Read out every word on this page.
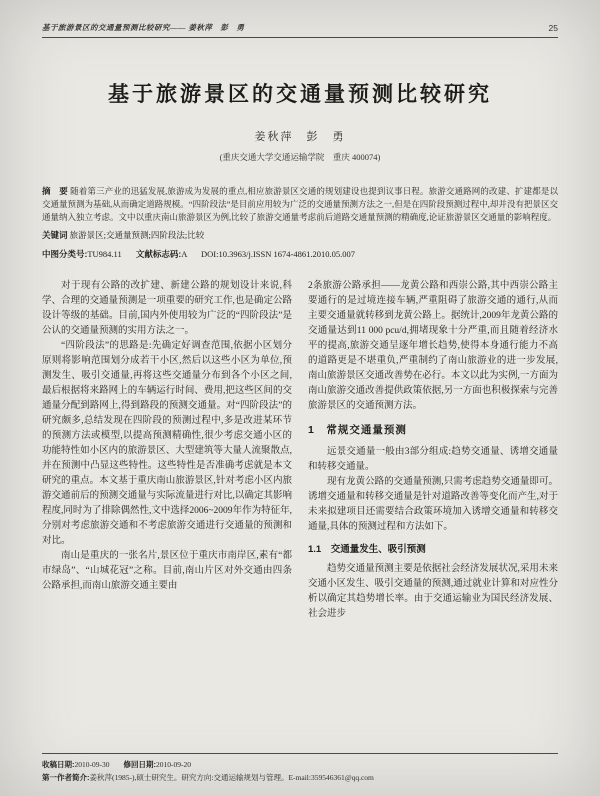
基于旅游景区的交通量预测比较研究—— 姜秋萍　彭　勇	25
基于旅游景区的交通量预测比较研究
姜秋萍　彭　勇
(重庆交通大学交通运输学院　重庆 400074)
摘　要 随着第三产业的迅猛发展,旅游成为发展的重点,相应旅游景区交通的规划建设也提到议事日程。旅游交通路网的改建、扩建都是以交通量预测为基础,从而确定道路规模。“四阶段法”是目前应用较为广泛的交通量预测方法之一,但是在四阶段预测过程中,却并没有把景区交通量纳入独立考虑。文中以重庆南山旅游景区为例,比较了旅游交通量考虑前后道路交通量预测的精确度,论证旅游景区交通量的影响程度。
关键词 旅游景区;交通量预测;四阶段法;比较
中图分类号:TU984.11 文献标志码:A DOI:10.3963/j.ISSN 1674-4861.2010.05.007
对于现有公路的改扩建、新建公路的规划设计来说,科学、合理的交通量预测是一项重要的研究工作,也是确定公路设计等级的基础。目前,国内外使用较为广泛的“四阶段法”是公认的交通量预测的实用方法之一。
“四阶段法”的思路是:先确定好调查范围,依据小区划分原则将影响范围划分成若干小区,然后以这些小区为单位,预测发生、吸引交通量,再将这些交通量分布到各个小区之间,最后根据将来路网上的车辆运行时间、费用,把这些区间的交通量分配到路网上,得到路段的预测交通量。对“四阶段法”的研究颇多,总结发现在四阶段的预测过程中,多是改进某环节的预测方法或模型,以提高预测精确性,很少考虑交通小区的功能特性如小区内的旅游景区、大型建筑等大量人流聚散点,并在预测中凸显这些特性。这些特性是否准确考虑就是本文研究的重点。本文基于重庆南山旅游景区,针对考虑小区内旅游交通前后的预测交通量与实际流量进行对比,以确定其影响程度,同时为了排除偶然性,文中选择2006~2009年作为特征年,分别对考虑旅游交通和不考虑旅游交通进行交通量的预测和对比。
南山是重庆的一张名片,景区位于重庆市南岸区,素有“都市绿岛”、“山城花冠”之称。目前,南山片区对外交通由四条公路承担,而南山旅游交通主要由
2条旅游公路承担——龙黄公路和西崇公路,其中西崇公路主要通行的是过境连接车辆,严重阻碍了旅游交通的通行,从而主要交通量就转移到龙黄公路上。据统计,2009年龙黄公路的交通量达到11 000 pcu/d,拥堵现象十分严重,而且随着经济水平的提高,旅游交通呈逐年增长趋势,使得本身通行能力不高的道路更是不堪重负,严重制约了南山旅游业的进一步发展,南山旅游景区交通改善势在必行。本文以此为实例,一方面为南山旅游交通改善提供政策依据,另一方面也积极探索与完善旅游景区的交通预测方法。
1　常规交通量预测
远景交通量一般由3部分组成:趋势交通量、诱增交通量和转移交通量。
现有龙黄公路的交通量预测,只需考虑趋势交通量即可。诱增交通量和转移交通量是针对道路改善等变化而产生,对于未来拟建项目还需要结合政策环境加入诱增交通量和转移交通量,具体的预测过程和方法如下。
1.1　交通量发生、吸引预测
趋势交通量预测主要是依据社会经济发展状况,采用未来交通小区发生、吸引交通量的预测,通过就业计算和对应性分析以确定其趋势增长率。由于交通运输业为国民经济发展、社会进步
收稿日期:2010-09-30 修回日期:2010-09-20
第一作者简介:姜秋萍(1985-),硕士研究生。研究方向:交通运输规划与管理。E-mail:359546361@qq.com
